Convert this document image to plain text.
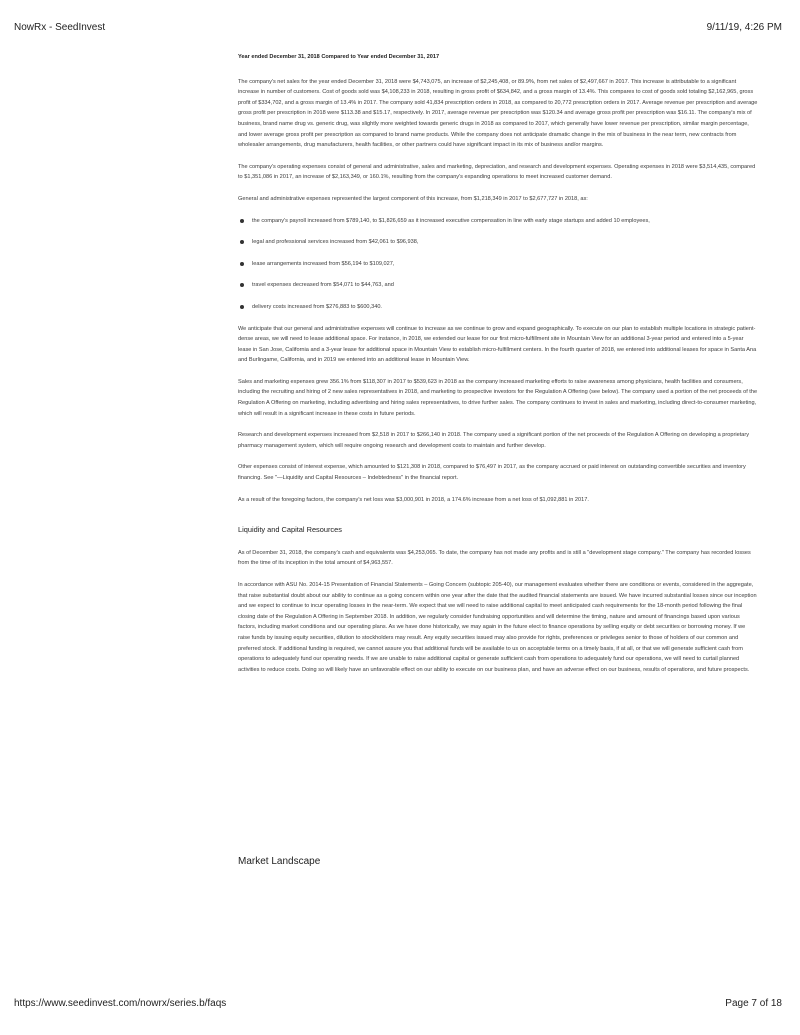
NowRx - SeedInvest	9/11/19, 4:26 PM

Year ended December 31, 2018 Compared to Year ended December 31, 2017

The company's net sales for the year ended December 31, 2018 were $4,743,075, an increase of $2,245,408, or 89.9%, from net sales of $2,497,667 in 2017. This increase is attributable to a significant increase in number of customers. Cost of goods sold was $4,108,233 in 2018, resulting in gross profit of $634,842, and a gross margin of 13.4%. This compares to cost of goods sold totaling $2,162,965, gross profit of $334,702, and a gross margin of 13.4% in 2017. The company sold 41,834 prescription orders in 2018, as compared to 20,772 prescription orders in 2017. Average revenue per prescription and average gross profit per prescription in 2018 were $113.38 and $15.17, respectively. In 2017, average revenue per prescription was $120.34 and average gross profit per prescription was $16.11. The company's mix of business, brand name drug vs. generic drug, was slightly more weighted towards generic drugs in 2018 as compared to 2017, which generally have lower revenue per prescription, similar margin percentage, and lower average gross profit per prescription as compared to brand name products. While the company does not anticipate dramatic change in the mix of business in the near term, new contracts from wholesaler arrangements, drug manufacturers, health facilities, or other partners could have significant impact in its mix of business and/or margins.

The company's operating expenses consist of general and administrative, sales and marketing, depreciation, and research and development expenses. Operating expenses in 2018 were $3,514,435, compared to $1,351,086 in 2017, an increase of $2,163,349, or 160.1%, resulting from the company's expanding operations to meet increased customer demand.

General and administrative expenses represented the largest component of this increase, from $1,218,349 in 2017 to $2,677,727 in 2018, as:

the company's payroll increased from $789,140, to $1,826,659 as it increased executive compensation in line with early stage startups and added 10 employees,
legal and professional services increased from $42,061 to $96,938,
lease arrangements increased from $56,194 to $109,027,
travel expenses decreased from $54,071 to $44,763, and
delivery costs increased from $276,883 to $600,340.

We anticipate that our general and administrative expenses will continue to increase as we continue to grow and expand geographically. To execute on our plan to establish multiple locations in strategic patient-dense areas, we will need to lease additional space. For instance, in 2018, we extended our lease for our first micro-fulfillment site in Mountain View for an additional 3-year period and entered into a 5-year lease in San Jose, California and a 3-year lease for additional space in Mountain View to establish micro-fulfillment centers. In the fourth quarter of 2018, we entered into additional leases for space in Santa Ana and Burlingame, California, and in 2019 we entered into an additional lease in Mountain View.

Sales and marketing expenses grew 356.1% from $118,307 in 2017 to $539,623 in 2018 as the company increased marketing efforts to raise awareness among physicians, health facilities and consumers, including the recruiting and hiring of 2 new sales representatives in 2018, and marketing to prospective investors for the Regulation A Offering (see below). The company used a portion of the net proceeds of the Regulation A Offering on marketing, including advertising and hiring sales representatives, to drive further sales. The company continues to invest in sales and marketing, including direct-to-consumer marketing, which will result in a significant increase in these costs in future periods.

Research and development expenses increased from $2,518 in 2017 to $266,140 in 2018. The company used a significant portion of the net proceeds of the Regulation A Offering on developing a proprietary pharmacy management system, which will require ongoing research and development costs to maintain and further develop.

Other expenses consist of interest expense, which amounted to $121,308 in 2018, compared to $76,497 in 2017, as the company accrued or paid interest on outstanding convertible securities and inventory financing. See "—Liquidity and Capital Resources – Indebtedness" in the financial report.

As a result of the foregoing factors, the company's net loss was $3,000,901 in 2018, a 174.6% increase from a net loss of $1,092,881 in 2017.

Liquidity and Capital Resources

As of December 31, 2018, the company's cash and equivalents was $4,253,065. To date, the company has not made any profits and is still a "development stage company." The company has recorded losses from the time of its inception in the total amount of $4,963,557.

In accordance with ASU No. 2014-15 Presentation of Financial Statements – Going Concern (subtopic 205-40), our management evaluates whether there are conditions or events, considered in the aggregate, that raise substantial doubt about our ability to continue as a going concern within one year after the date that the audited financial statements are issued. We have incurred substantial losses since our inception and we expect to continue to incur operating losses in the near-term. We expect that we will need to raise additional capital to meet anticipated cash requirements for the 18-month period following the final closing date of the Regulation A Offering in September 2018. In addition, we regularly consider fundraising opportunities and will determine the timing, nature and amount of financings based upon various factors, including market conditions and our operating plans. As we have done historically, we may again in the future elect to finance operations by selling equity or debt securities or borrowing money. If we raise funds by issuing equity securities, dilution to stockholders may result. Any equity securities issued may also provide for rights, preferences or privileges senior to those of holders of our common and preferred stock. If additional funding is required, we cannot assure you that additional funds will be available to us on acceptable terms on a timely basis, if at all, or that we will generate sufficient cash from operations to adequately fund our operating needs. If we are unable to raise additional capital or generate sufficient cash from operations to adequately fund our operations, we will need to curtail planned activities to reduce costs. Doing so will likely have an unfavorable effect on our ability to execute on our business plan, and have an adverse effect on our business, results of operations, and future prospects.

Market Landscape
https://www.seedinvest.com/nowrx/series.b/faqs	Page 7 of 18
